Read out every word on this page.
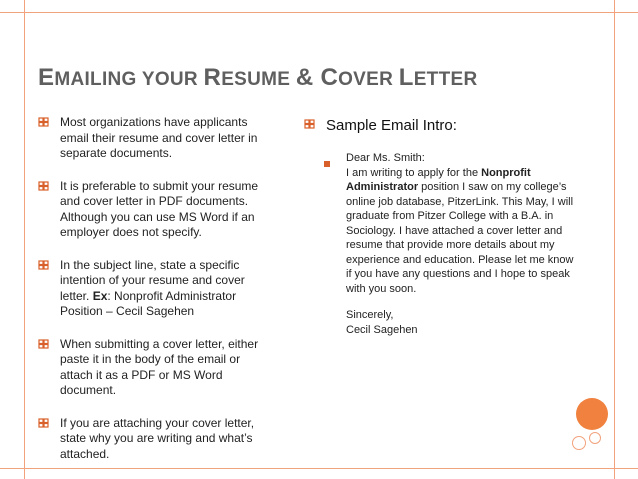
EMAILING YOUR RESUME & COVER LETTER
Most organizations have applicants email their resume and cover letter in separate documents.
It is preferable to submit your resume and cover letter in PDF documents. Although you can use MS Word if an employer does not specify.
In the subject line, state a specific intention of your resume and cover letter. Ex: Nonprofit Administrator Position – Cecil Sagehen
When submitting a cover letter, either paste it in the body of the email or attach it as a PDF or MS Word document.
If you are attaching your cover letter, state why you are writing and what’s attached.
Sample Email Intro:
Dear Ms. Smith:
I am writing to apply for the Nonprofit Administrator position I saw on my college’s online job database, PitzerLink. This May, I will graduate from Pitzer College with a B.A. in Sociology. I have attached a cover letter and resume that provide more details about my experience and education. Please let me know if you have any questions and I hope to speak with you soon.
Sincerely,
Cecil Sagehen
